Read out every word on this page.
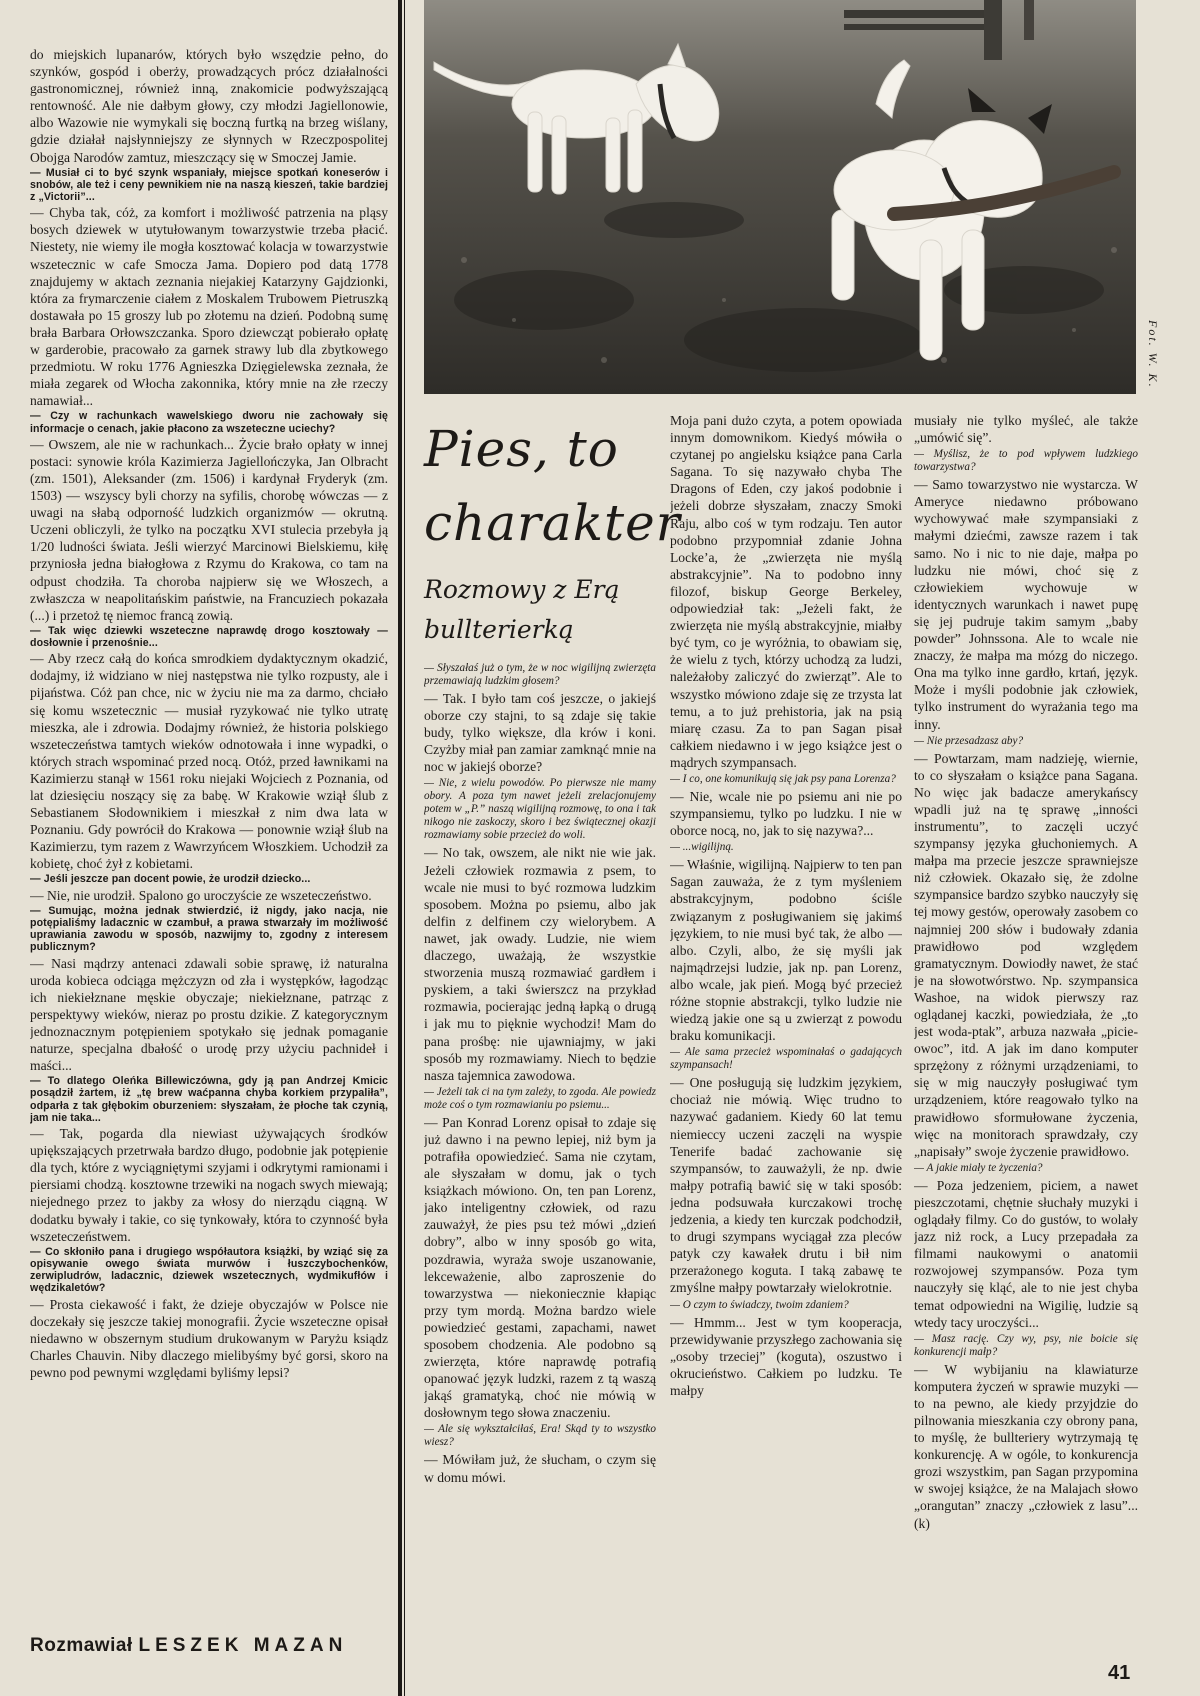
do miejskich lupanarów, których było wszędzie pełno, do szynków, gospód i oberży, prowadzących prócz działalności gastronomicznej, również inną, znakomicie podwyższającą rentowność. Ale nie dałbym głowy, czy młodzi Jagiellonowie, albo Wazowie nie wymykali się boczną furtką na brzeg wiślany, gdzie działał najsłynniejszy ze słynnych w Rzeczpospolitej Obojga Narodów zamtuz, mieszczący się w Smoczej Jamie.

— Musiał ci to być szynk wspaniały, miejsce spotkań koneserów i snobów, ale też i ceny pewnikiem nie na naszą kieszeń, takie bardziej z „Victorii”...

— Chyba tak, cóż, za komfort i możliwość patrzenia na pląsy bosych dziewek w utytułowanym towarzystwie trzeba płacić. Niestety, nie wiemy ile mogła kosztować kolacja w towarzystwie wszetecznic w cafe Smocza Jama. Dopiero pod datą 1778 znajdujemy w aktach zeznania niejakiej Katarzyny Gajdzionki, która za frymarczenie ciałem z Moskalem Trubowem Pietruszką dostawała po 15 groszy lub po złotemu na dzień. Podobną sumę brała Barbara Orłowszczanka. Sporo dziewcząt pobierało opłatę w garderobie, pracowało za garnek strawy lub dla zbytkowego przedmiotu. W roku 1776 Agnieszka Dzięgielewska zeznała, że miała zegarek od Włocha zakonnika, który mnie na złe rzeczy namawiał...

— Czy w rachunkach wawelskiego dworu nie zachowały się informacje o cenach, jakie płacono za wszeteczne uciechy?

— Owszem, ale nie w rachunkach... Życie brało opłaty w innej postaci: synowie króla Kazimierza Jagiellończyka, Jan Olbracht (zm. 1501), Aleksander (zm. 1506) i kardynał Fryderyk (zm. 1503) — wszyscy byli chorzy na syfilis, chorobę wówczas — z uwagi na słabą odporność ludzkich organizmów — okrutną. Uczeni obliczyli, że tylko na początku XVI stulecia przebyła ją 1/20 ludności świata. Jeśli wierzyć Marcinowi Bielskiemu, kiłę przyniosła jedna białogłowa z Rzymu do Krakowa, co tam na odpust chodziła. Ta choroba najpierw się we Włoszech, a zwłaszcza w neapolitańskim państwie, na Francuziech pokazała (...) i przetoż tę niemoc francą zowią.

— Tak więc dziewki wszeteczne naprawdę drogo kosztowały — dosłownie i przenośnie...

— Aby rzecz całą do końca smrodkiem dydaktycznym okadzić, dodajmy, iż widziano w niej następstwa nie tylko rozpusty, ale i pijaństwa. Cóż pan chce, nic w życiu nie ma za darmo, chciało się komu wszetecznic — musiał ryzykować nie tylko utratę mieszka, ale i zdrowia. Dodajmy również, że historia polskiego wszeteczeństwa tamtych wieków odnotowała i inne wypadki, o których strach wspominać przed nocą. Otóż, przed ławnikami na Kazimierzu stanął w 1561 roku niejaki Wojciech z Poznania, od lat dziesięciu noszący się za babę. W Krakowie wziął ślub z Sebastianem Słodownikiem i mieszkał z nim dwa lata w Poznaniu. Gdy powrócił do Krakowa — ponownie wziął ślub na Kazimierzu, tym razem z Wawrzyńcem Włoszkiem. Uchodził za kobietę, choć żył z kobietami.

— Jeśli jeszcze pan docent powie, że urodził dziecko...

— Nie, nie urodził. Spalono go uroczyście ze wszeteczeństwo.

— Sumując, można jednak stwierdzić, iż nigdy, jako nacja, nie potępialiśmy ladacznic w czambuł, a prawa stwarzały im możliwość uprawiania zawodu w sposób, nazwijmy to, zgodny z interesem publicznym?

— Nasi mądrzy antenaci zdawali sobie sprawę, iż naturalna uroda kobieca odciąga mężczyzn od zła i występków, łagodząc ich niekiełznane męskie obyczaje; niekiełznane, patrząc z perspektywy wieków, nieraz po prostu dzikie. Z kategorycznym jednoznacznym potępieniem spotykało się jednak pomaganie naturze, specjalna dbałość o urodę przy użyciu pachnideł i maści...

— To dlatego Oleńka Billewiczówna, gdy ją pan Andrzej Kmicic posądził żartem, iż „tę brew waćpanna chyba korkiem przypaliła”, odparła z tak głębokim oburzeniem: słyszałam, że płoche tak czynią, jam nie taka...

— Tak, pogarda dla niewiast używających środków upiększających przetrwała bardzo długo, podobnie jak potępienie dla tych, które z wyciągniętymi szyjami i odkrytymi ramionami i piersiami chodzą. kosztowne trzewiki na nogach swych miewają; niejednego przez to jakby za włosy do nierządu ciągną. W dodatku bywały i takie, co się tynkowały, która to czynność była wszeteczeństwem.

— Co skłoniło pana i drugiego współautora książki, by wziąć się za opisywanie owego świata murwów i łuszczybochenków, zerwipludrów, ladacznic, dziewek wszetecznych, wydmikufłów i wędzikaletów?

— Prosta ciekawość i fakt, że dzieje obyczajów w Polsce nie doczekały się jeszcze takiej monografii. Życie wszeteczne opisał niedawno w obszernym studium drukowanym w Paryżu ksiądz Charles Chauvin. Niby dlaczego mielibyśmy być gorsi, skoro na pewno pod pewnymi względami byliśmy lepsi?

Rozmawiał LESZEK MAZAN
Fot. W. K.
Pies, to
charakter
Rozmowy z Erą
bullterierką

— Słyszałaś już o tym, że w noc wigilijną zwierzęta przemawiają ludzkim głosem?

— Tak. I było tam coś jeszcze, o jakiejś oborze czy stajni, to są zdaje się takie budy, tylko większe, dla krów i koni. Czyżby miał pan zamiar zamknąć mnie na noc w jakiejś oborze?

— Nie, z wielu powodów. Po pierwsze nie mamy obory. A poza tym nawet jeżeli zrelacjonujemy potem w „P.” naszą wigilijną rozmowę, to ona i tak nikogo nie zaskoczy, skoro i bez świątecznej okazji rozmawiamy sobie przecież do woli.

— No tak, owszem, ale nikt nie wie jak. Jeżeli człowiek rozmawia z psem, to wcale nie musi to być rozmowa ludzkim sposobem. Można po psiemu, albo jak delfin z delfinem czy wielorybem. A nawet, jak owady. Ludzie, nie wiem dlaczego, uważają, że wszystkie stworzenia muszą rozmawiać gardłem i pyskiem, a taki świerszcz na przykład rozmawia, pocierając jedną łapką o drugą i jak mu to pięknie wychodzi! Mam do pana prośbę: nie ujawniajmy, w jaki sposób my rozmawiamy. Niech to będzie nasza tajemnica zawodowa.

— Jeżeli tak ci na tym zależy, to zgoda. Ale powiedz może coś o tym rozmawianiu po psiemu...

— Pan Konrad Lorenz opisał to zdaje się już dawno i na pewno lepiej, niż bym ja potrafiła opowiedzieć. Sama nie czytam, ale słyszałam w domu, jak o tych książkach mówiono. On, ten pan Lorenz, jako inteligentny człowiek, od razu zauważył, że pies psu też mówi „dzień dobry”, albo w inny sposób go wita, pozdrawia, wyraża swoje uszanowanie, lekceważenie, albo zaproszenie do towarzystwa — niekoniecznie kłapiąc przy tym mordą. Można bardzo wiele powiedzieć gestami, zapachami, nawet sposobem chodzenia. Ale podobno są zwierzęta, które naprawdę potrafią opanować język ludzki, razem z tą waszą jakąś gramatyką, choć nie mówią w dosłownym tego słowa znaczeniu.

— Ale się wykształciłaś, Era! Skąd ty to wszystko wiesz?

— Mówiłam już, że słucham, o czym się w domu mówi.

Moja pani dużo czyta, a potem opowiada innym domownikom. Kiedyś mówiła o czytanej po angielsku książce pana Carla Sagana. To się nazywało chyba The Dragons of Eden, czy jakoś podobnie i jeżeli dobrze słyszałam, znaczy Smoki Raju, albo coś w tym rodzaju. Ten autor podobno przypomniał zdanie Johna Locke’a, że „zwierzęta nie myślą abstrakcyjnie”. Na to podobno inny filozof, biskup George Berkeley, odpowiedział tak: „Jeżeli fakt, że zwierzęta nie myślą abstrakcyjnie, miałby być tym, co je wyróżnia, to obawiam się, że wielu z tych, którzy uchodzą za ludzi, należałoby zaliczyć do zwierząt”. Ale to wszystko mówiono zdaje się ze trzysta lat temu, a to już prehistoria, jak na psią miarę czasu. Za to pan Sagan pisał całkiem niedawno i w jego książce jest o mądrych szympansach.

— I co, one komunikują się jak psy pana Lorenza?

— Nie, wcale nie po psiemu ani nie po szympansiemu, tylko po ludzku. I nie w oborce nocą, no, jak to się nazywa?...

— ...wigilijną.

— Właśnie, wigilijną. Najpierw to ten pan Sagan zauważa, że z tym myśleniem abstrakcyjnym, podobno ściśle związanym z posługiwaniem się jakimś językiem, to nie musi być tak, że albo — albo. Czyli, albo, że się myśli jak najmądrzejsi ludzie, jak np. pan Lorenz, albo wcale, jak pień. Mogą być przecież różne stopnie abstrakcji, tylko ludzie nie wiedzą jakie one są u zwierząt z powodu braku komunikacji.

— Ale sama przecież wspominałaś o gadających szympansach!

— One posługują się ludzkim językiem, chociaż nie mówią. Więc trudno to nazywać gadaniem. Kiedy 60 lat temu niemieccy uczeni zaczęli na wyspie Tenerife badać zachowanie się szympansów, to zauważyli, że np. dwie małpy potrafią bawić się w taki sposób: jedna podsuwała kurczakowi trochę jedzenia, a kiedy ten kurczak podchodził, to drugi szympans wyciągał zza pleców patyk czy kawałek drutu i bił nim przerażonego koguta. I taką zabawę te zmyślne małpy powtarzały wielokrotnie.

— O czym to świadczy, twoim zdaniem?

— Hmmm... Jest w tym kooperacja, przewidywanie przyszłego zachowania się „osoby trzeciej” (koguta), oszustwo i okrucieństwo. Całkiem po ludzku. Te małpy

musiały nie tylko myśleć, ale także „umówić się”.

— Myślisz, że to pod wpływem ludzkiego towarzystwa?

— Samo towarzystwo nie wystarcza. W Ameryce niedawno próbowano wychowywać małe szympansiaki z małymi dziećmi, zawsze razem i tak samo. No i nic to nie daje, małpa po ludzku nie mówi, choć się z człowiekiem wychowuje w identycznych warunkach i nawet pupę się jej pudruje takim samym „baby powder” Johnssona. Ale to wcale nie znaczy, że małpa ma mózg do niczego. Ona ma tylko inne gardło, krtań, język. Może i myśli podobnie jak człowiek, tylko instrument do wyrażania tego ma inny.

— Nie przesadzasz aby?

— Powtarzam, mam nadzieję, wiernie, to co słyszałam o książce pana Sagana. No więc jak badacze amerykańscy wpadli już na tę sprawę „inności instrumentu”, to zaczęli uczyć szympansy języka głuchoniemych. A małpa ma przecie jeszcze sprawniejsze niż człowiek. Okazało się, że zdolne szympansice bardzo szybko nauczyły się tej mowy gestów, operowały zasobem co najmniej 200 słów i budowały zdania prawidłowo pod względem gramatycznym. Dowiodły nawet, że stać je na słowotwórstwo. Np. szympansica Washoe, na widok pierwszy raz oglądanej kaczki, powiedziała, że „to jest woda-ptak”, arbuza nazwała „picie-owoc”, itd. A jak im dano komputer sprzężony z różnymi urządzeniami, to się w mig nauczyły posługiwać tym urządzeniem, które reagowało tylko na prawidłowo sformułowane życzenia, więc na monitorach sprawdzały, czy „napisały” swoje życzenie prawidłowo.

— A jakie miały te życzenia?

— Poza jedzeniem, piciem, a nawet pieszczotami, chętnie słuchały muzyki i oglądały filmy. Co do gustów, to wolały jazz niż rock, a Lucy przepadała za filmami naukowymi o anatomii rozwojowej szympansów. Poza tym nauczyły się kląć, ale to nie jest chyba temat odpowiedni na Wigilię, ludzie są wtedy tacy uroczyści...

— Masz rację. Czy wy, psy, nie boicie się konkurencji małp?

— W wybijaniu na klawiaturze komputera życzeń w sprawie muzyki — to na pewno, ale kiedy przyjdzie do pilnowania mieszkania czy obrony pana, to myślę, że bullteriery wytrzymają tę konkurencję. A w ogóle, to konkurencja grozi wszystkim, pan Sagan przypomina w swojej książce, że na Malajach słowo „orangutan” znaczy „człowiek z lasu”... (k)

41
